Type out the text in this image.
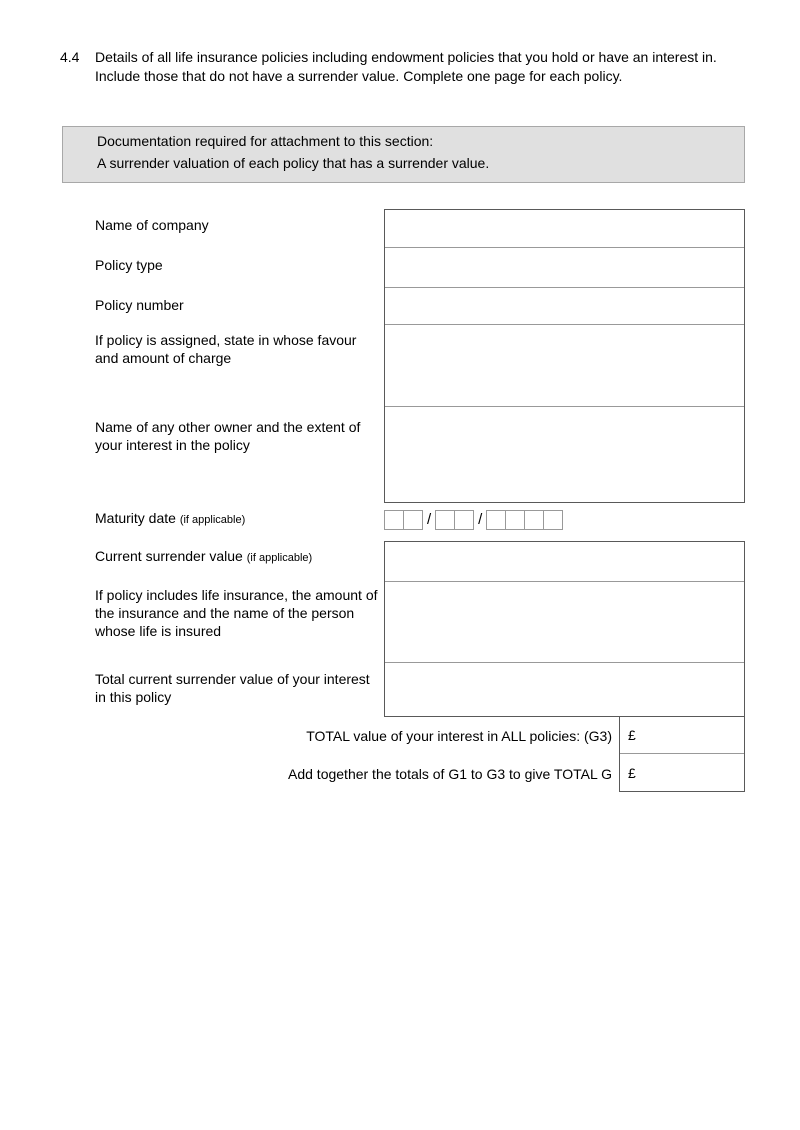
4.4	Details of all life insurance policies including endowment policies that you hold or have an interest in. Include those that do not have a surrender value. Complete one page for each policy.
Documentation required for attachment to this section:
A surrender valuation of each policy that has a surrender value.
Name of company
Policy type
Policy number
If policy is assigned, state in whose favour and amount of charge
Name of any other owner and the extent of your interest in the policy
Maturity date (if applicable)
Current surrender value (if applicable)
If policy includes life insurance, the amount of the insurance and the name of the person whose life is insured
Total current surrender value of your interest in this policy
/	/
TOTAL value of your interest in ALL policies: (G3)
Add together the totals of G1 to G3 to give TOTAL G
£
£
